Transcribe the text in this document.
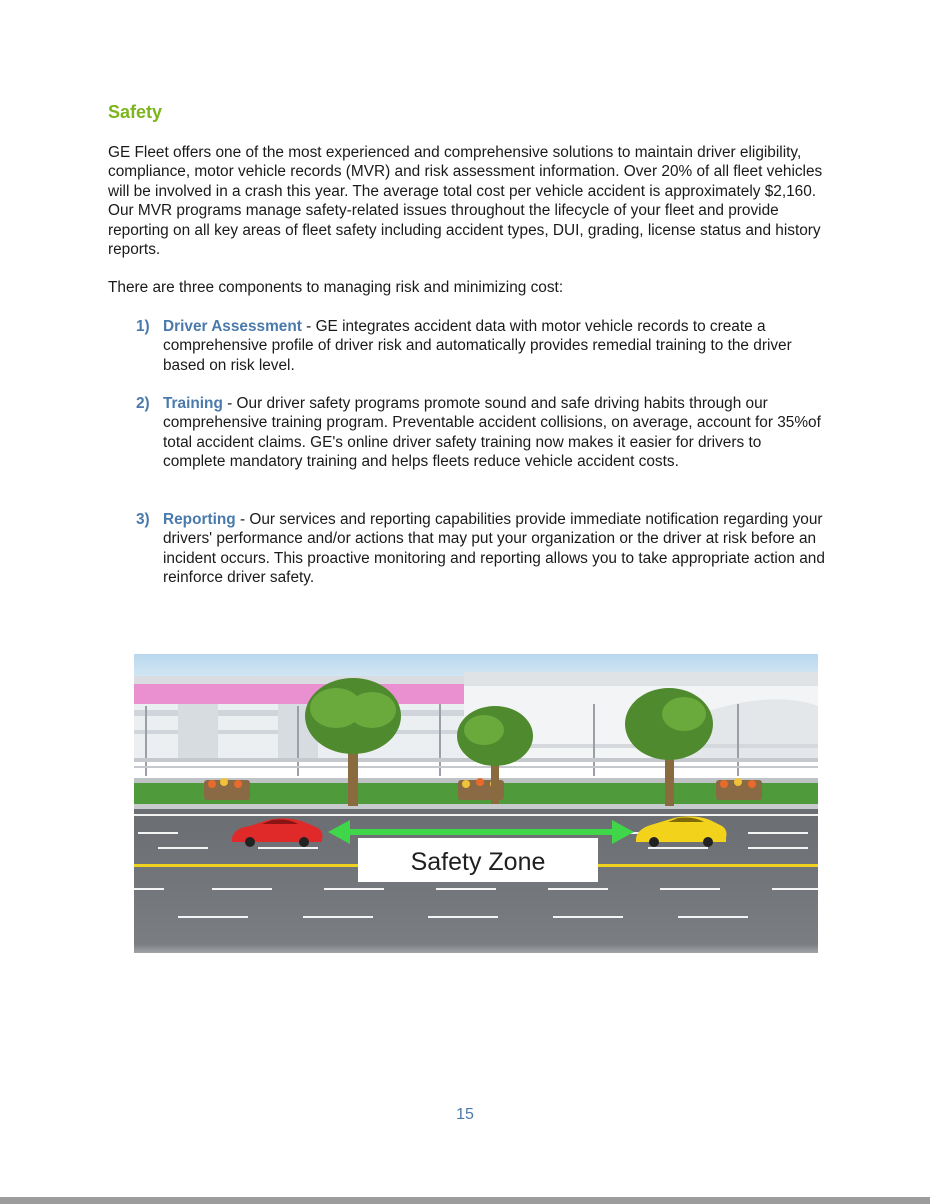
Safety

GE Fleet offers one of the most experienced and comprehensive solutions to maintain driver eligibility, compliance, motor vehicle records (MVR) and risk assessment information. Over 20% of all fleet vehicles will be involved in a crash this year. The average total cost per vehicle accident is approximately $2,160. Our MVR programs manage safety-related issues throughout the lifecycle of your fleet and provide reporting on all key areas of fleet safety including accident types, DUI, grading, license status and history reports.

There are three components to managing risk and minimizing cost:

1) Driver Assessment - GE integrates accident data with motor vehicle records to create a comprehensive profile of driver risk and automatically provides remedial training to the driver based on risk level.
2) Training - Our driver safety programs promote sound and safe driving habits through our comprehensive training program. Preventable accident collisions, on average, account for 35%of total accident claims. GE's online driver safety training now makes it easier for drivers to complete mandatory training and helps fleets reduce vehicle accident costs.
3) Reporting - Our services and reporting capabilities provide immediate notification regarding your drivers' performance and/or actions that may put your organization or the driver at risk before an incident occurs. This proactive monitoring and reporting allows you to take appropriate action and reinforce driver safety.
Safety Zone
15
